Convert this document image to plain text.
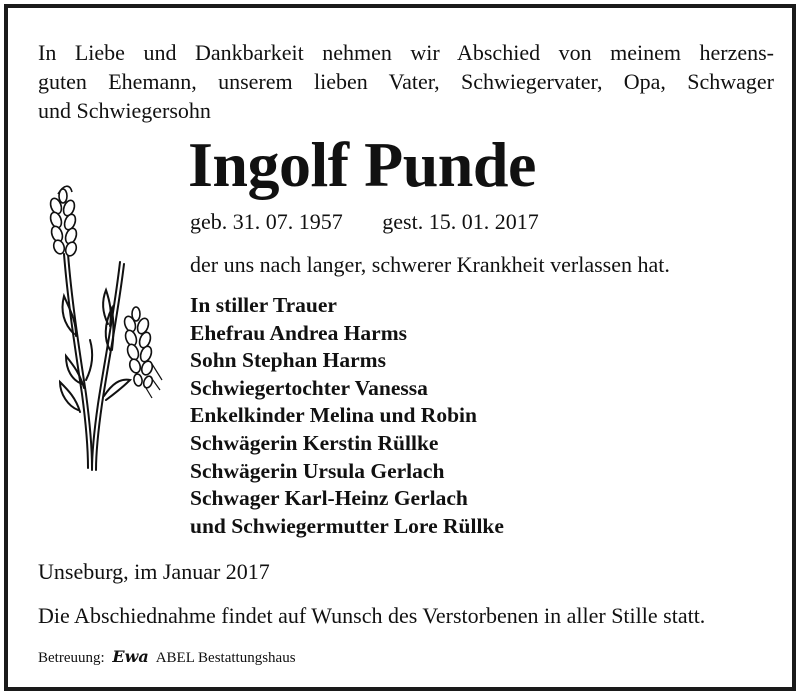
In Liebe und Dankbarkeit nehmen wir Abschied von meinem herzens-
guten Ehemann, unserem lieben Vater, Schwiegervater, Opa, Schwager
und Schwiegersohn
Ingolf Punde
geb. 31. 07. 1957 gest. 15. 01. 2017
der uns nach langer, schwerer Krankheit verlassen hat.
In stiller Trauer
Ehefrau Andrea Harms
Sohn Stephan Harms
Schwiegertochter Vanessa
Enkelkinder Melina und Robin
Schwägerin Kerstin Rüllke
Schwägerin Ursula Gerlach
Schwager Karl-Heinz Gerlach
und Schwiegermutter Lore Rüllke
Unseburg, im Januar 2017
Die Abschiednahme findet auf Wunsch des Verstorbenen in aller Stille statt.
Betreuung: Ewa ABEL Bestattungshaus
